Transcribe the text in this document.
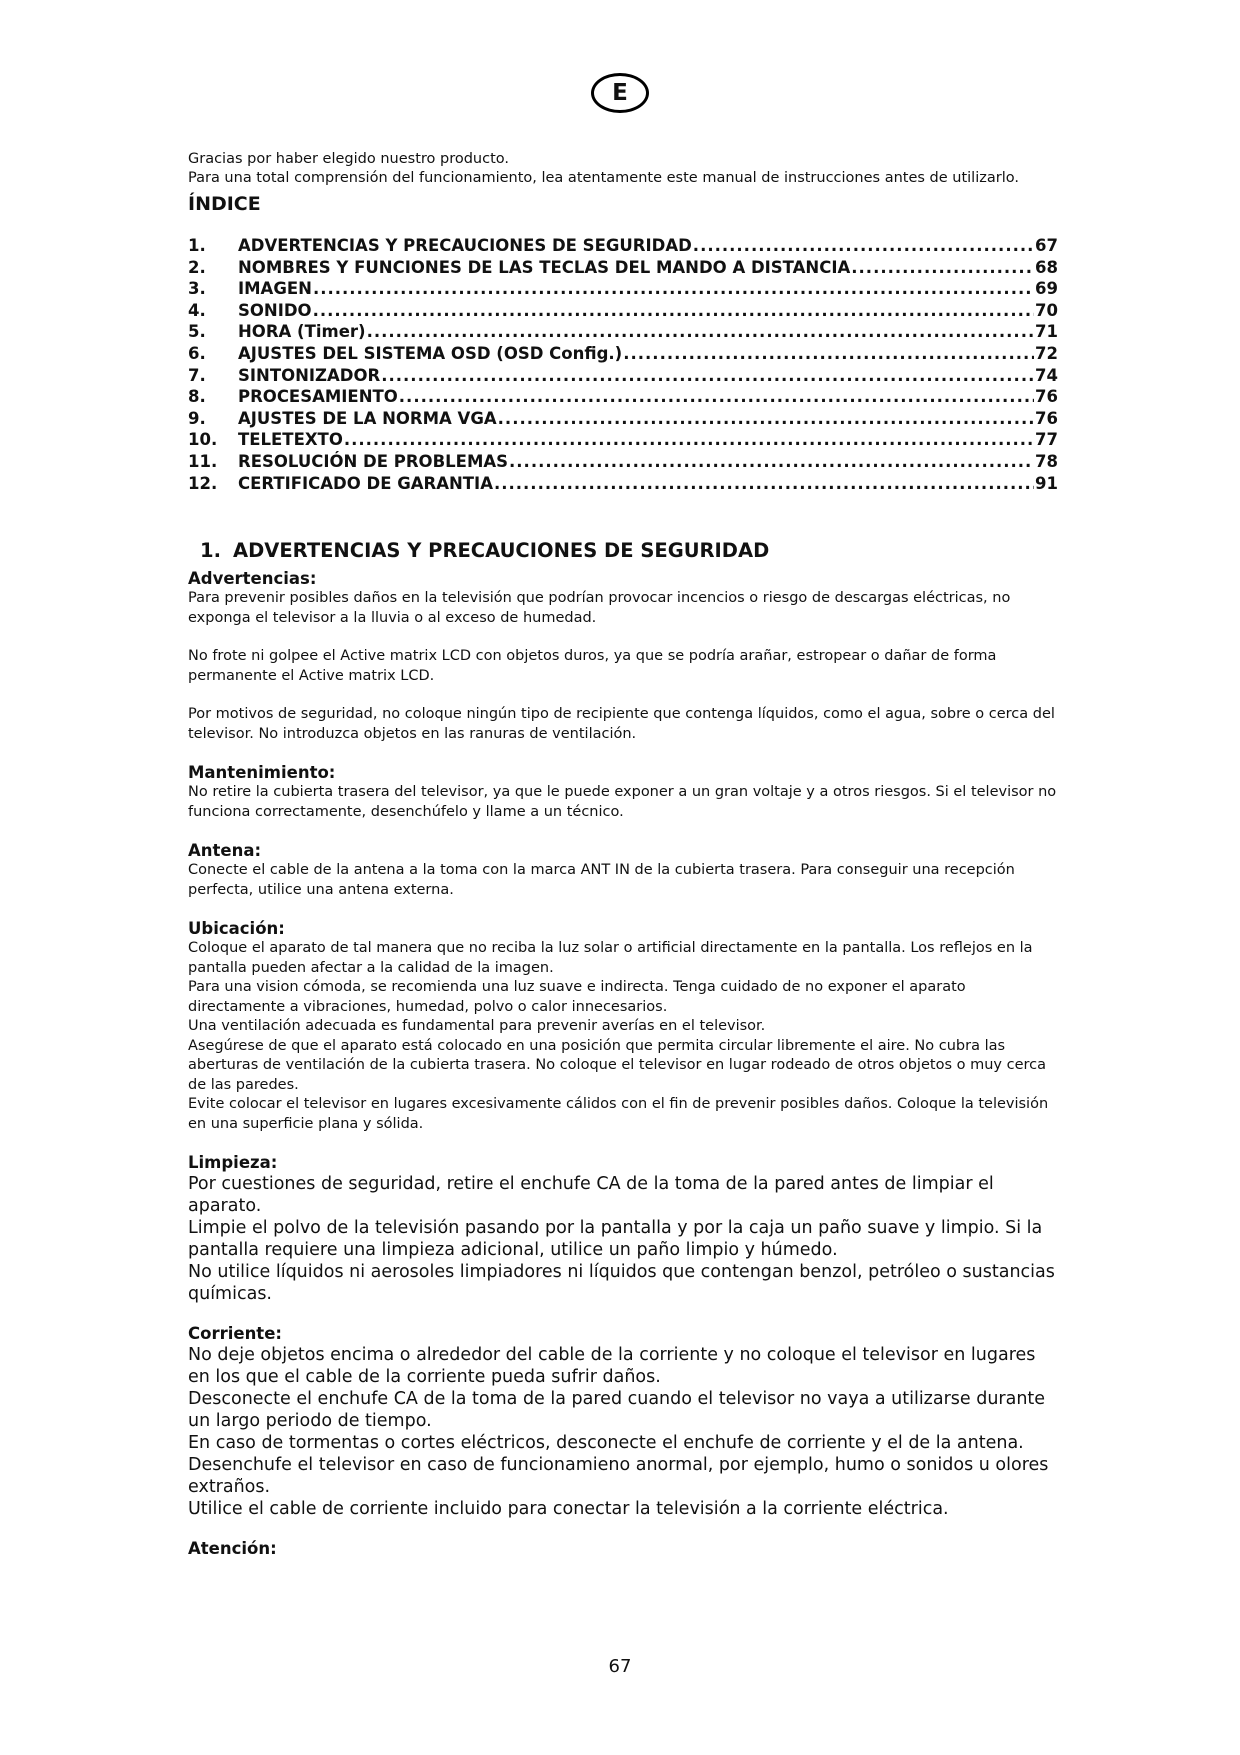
E

Gracias por haber elegido nuestro producto.

Para una total comprensión del funcionamiento, lea atentamente este manual de instrucciones antes de utilizarlo.

ÍNDICE
1.	ADVERTENCIAS Y PRECAUCIONES DE SEGURIDAD .....	67
2.	NOMBRES Y FUNCIONES DE LAS TECLAS DEL MANDO A DISTANCIA .....	68
3.	IMAGEN .....	69
4.	SONIDO .....	70
5.	HORA (Timer) .....	71
6.	AJUSTES DEL SISTEMA OSD (OSD Config.) .....	72
7.	SINTONIZADOR .....	74
8.	PROCESAMIENTO .....	76
9.	AJUSTES DE LA NORMA VGA .....	76
10.	TELETEXTO .....	77
11.	RESOLUCIÓN DE PROBLEMAS .....	78
12.	CERTIFICADO DE GARANTIA .....	91
1. ADVERTENCIAS Y PRECAUCIONES DE SEGURIDAD
Advertencias:

Para prevenir posibles daños en la televisión que podrían provocar incencios o riesgo de descargas eléctricas, no exponga el televisor a la lluvia o al exceso de humedad.

No frote ni golpee el Active matrix LCD con objetos duros, ya que se podría arañar, estropear o dañar de forma permanente el Active matrix LCD.

Por motivos de seguridad, no coloque ningún tipo de recipiente que contenga líquidos, como el agua, sobre o cerca del televisor. No introduzca objetos en las ranuras de ventilación.

Mantenimiento:

No retire la cubierta trasera del televisor, ya que le puede exponer a un gran voltaje y a otros riesgos. Si el televisor no funciona correctamente, desenchúfelo y llame a un técnico.

Antena:

Conecte el cable de la antena a la toma con la marca ANT IN de la cubierta trasera. Para conseguir una recepción perfecta, utilice una antena externa.

Ubicación:

Coloque el aparato de tal manera que no reciba la luz solar o artificial directamente en la pantalla. Los reflejos en la pantalla pueden afectar a la calidad de la imagen.

Para una vision cómoda, se recomienda una luz suave e indirecta. Tenga cuidado de no exponer el aparato directamente a vibraciones, humedad, polvo o calor innecesarios.

Una ventilación adecuada es fundamental para prevenir averías en el televisor.

Asegúrese de que el aparato está colocado en una posición que permita circular libremente el aire. No cubra las aberturas de ventilación de la cubierta trasera. No coloque el televisor en lugar rodeado de otros objetos o muy cerca de las paredes.

Evite colocar el televisor en lugares excesivamente cálidos con el fin de prevenir posibles daños. Coloque la televisión en una superficie plana y sólida.

Limpieza:

Por cuestiones de seguridad, retire el enchufe CA de la toma de la pared antes de limpiar el aparato.

Limpie el polvo de la televisión pasando por la pantalla y por la caja un paño suave y limpio. Si la pantalla requiere una limpieza adicional, utilice un paño limpio y húmedo.

No utilice líquidos ni aerosoles limpiadores ni líquidos que contengan benzol, petróleo o sustancias químicas.

Corriente:

No deje objetos encima o alrededor del cable de la corriente y no coloque el televisor en lugares en los que el cable de la corriente pueda sufrir daños.

Desconecte el enchufe CA de la toma de la pared cuando el televisor no vaya a utilizarse durante un largo periodo de tiempo.

En caso de tormentas o cortes eléctricos, desconecte el enchufe de corriente y el de la antena.

Desenchufe el televisor en caso de funcionamieno anormal, por ejemplo, humo o sonidos u olores extraños.

Utilice el cable de corriente incluido para conectar la televisión a la corriente eléctrica.

Atención:
67
